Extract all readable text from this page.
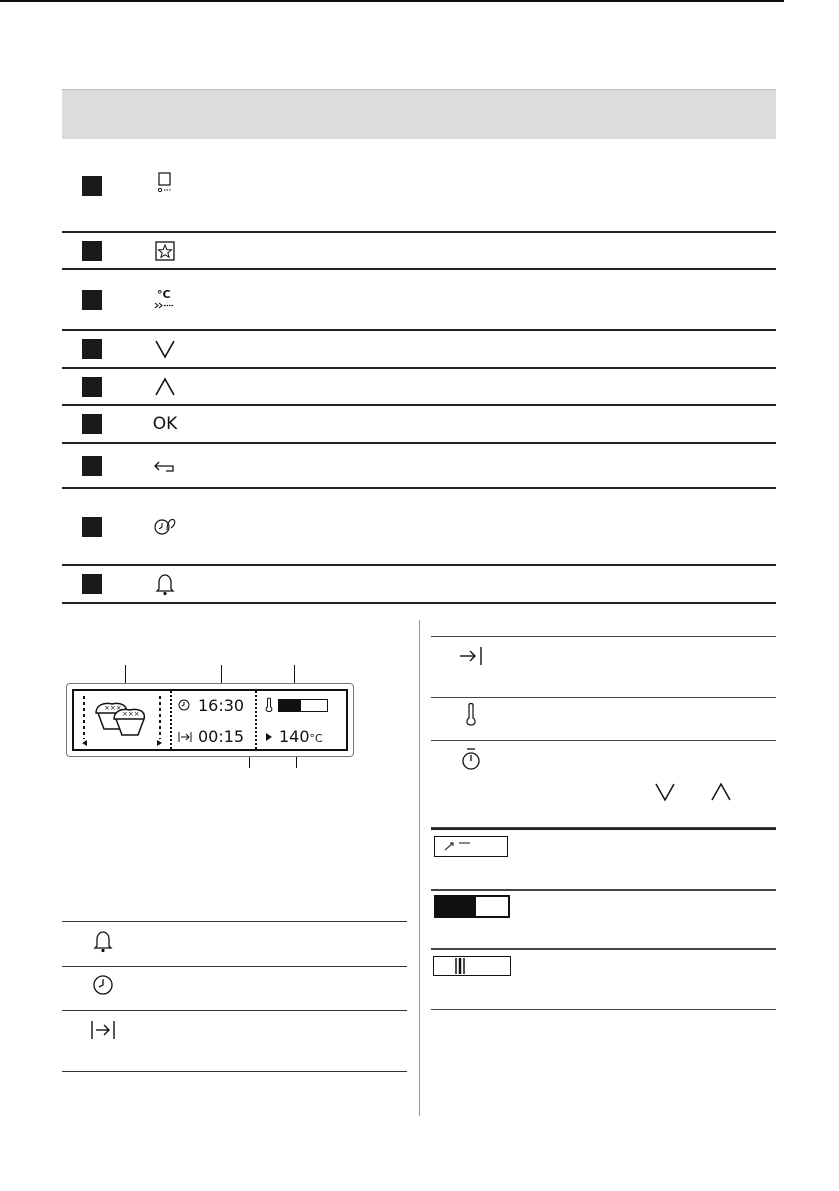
°C
OK
×××
×××	16:30
00:15 140°C
